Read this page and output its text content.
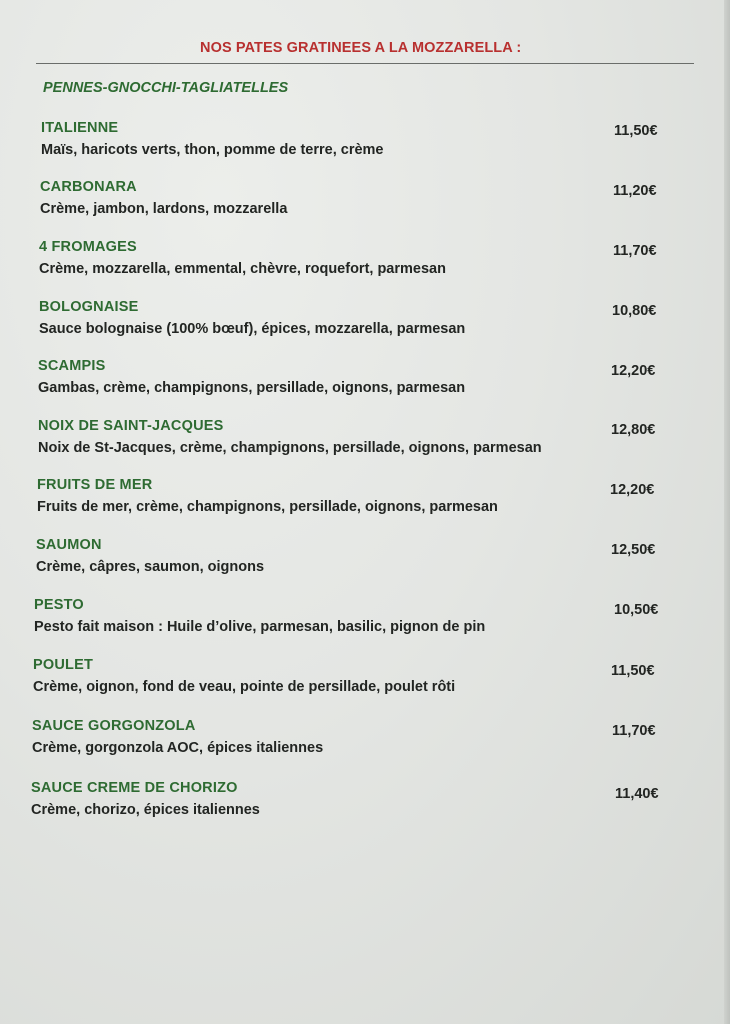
NOS PATES GRATINEES A LA MOZZARELLA :
PENNES-GNOCCHI-TAGLIATELLES
ITALIENNE
Maïs, haricots verts, thon, pomme de terre, crème
11,50€
CARBONARA
Crème, jambon, lardons, mozzarella
11,20€
4 FROMAGES
Crème, mozzarella, emmental, chèvre, roquefort, parmesan
11,70€
BOLOGNAISE
Sauce bolognaise (100% bœuf), épices, mozzarella, parmesan
10,80€
SCAMPIS
Gambas, crème, champignons, persillade, oignons, parmesan
12,20€
NOIX DE SAINT-JACQUES
Noix de St-Jacques, crème, champignons, persillade, oignons, parmesan
12,80€
FRUITS DE MER
Fruits de mer, crème, champignons, persillade, oignons, parmesan
12,20€
SAUMON
Crème, câpres, saumon, oignons
12,50€
PESTO
Pesto fait maison : Huile d’olive, parmesan, basilic, pignon de pin
10,50€
POULET
Crème, oignon, fond de veau, pointe de persillade, poulet rôti
11,50€
SAUCE GORGONZOLA
Crème, gorgonzola AOC, épices italiennes
11,70€
SAUCE CREME DE CHORIZO
Crème, chorizo, épices italiennes
11,40€
